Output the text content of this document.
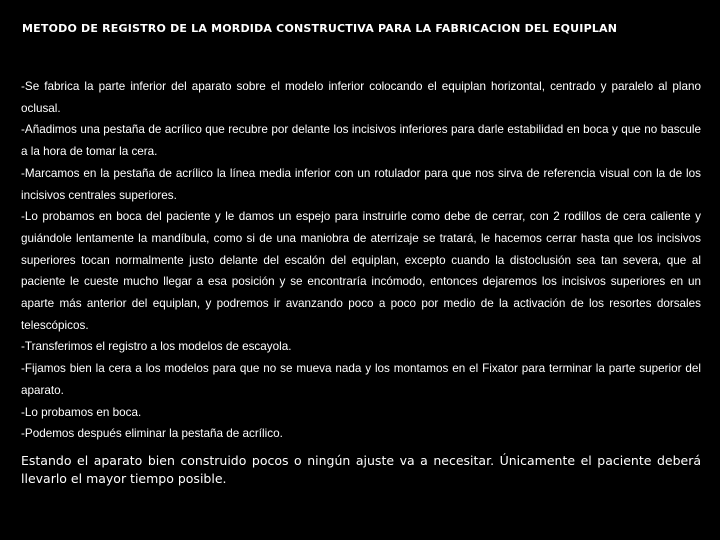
METODO DE REGISTRO DE LA MORDIDA CONSTRUCTIVA PARA LA FABRICACION DEL EQUIPLAN
-Se fabrica la parte inferior del aparato sobre el modelo inferior colocando el equiplan horizontal, centrado y paralelo al plano oclusal.
-Añadimos una pestaña de acrílico que recubre por delante los incisivos inferiores para darle estabilidad en boca y que no bascule a la hora de tomar la cera.
-Marcamos en la pestaña de acrílico la línea media inferior con un rotulador para que nos sirva de referencia visual con la de los incisivos centrales superiores.
-Lo probamos en boca del paciente y le damos un espejo para instruirle como debe de cerrar, con 2 rodillos de cera caliente y guiándole lentamente la mandíbula, como si de una maniobra de aterrizaje se tratará, le hacemos cerrar hasta que los incisivos superiores tocan normalmente justo delante del escalón del equiplan, excepto cuando la distoclusión sea tan severa, que al paciente le cueste mucho llegar a esa posición y se encontraría incómodo, entonces dejaremos los incisivos superiores en un aparte más anterior del equiplan, y podremos ir avanzando poco a poco por medio de la activación de los resortes dorsales telescópicos.
-Transferimos el registro a los modelos de escayola.
-Fijamos bien la cera a los modelos para que no se mueva nada y los montamos en el Fixator para terminar la parte superior del aparato.
-Lo probamos en boca.
-Podemos después eliminar la pestaña de acrílico.

Estando el aparato bien construido pocos o ningún ajuste va a necesitar. Únicamente el paciente deberá llevarlo el mayor tiempo posible.
